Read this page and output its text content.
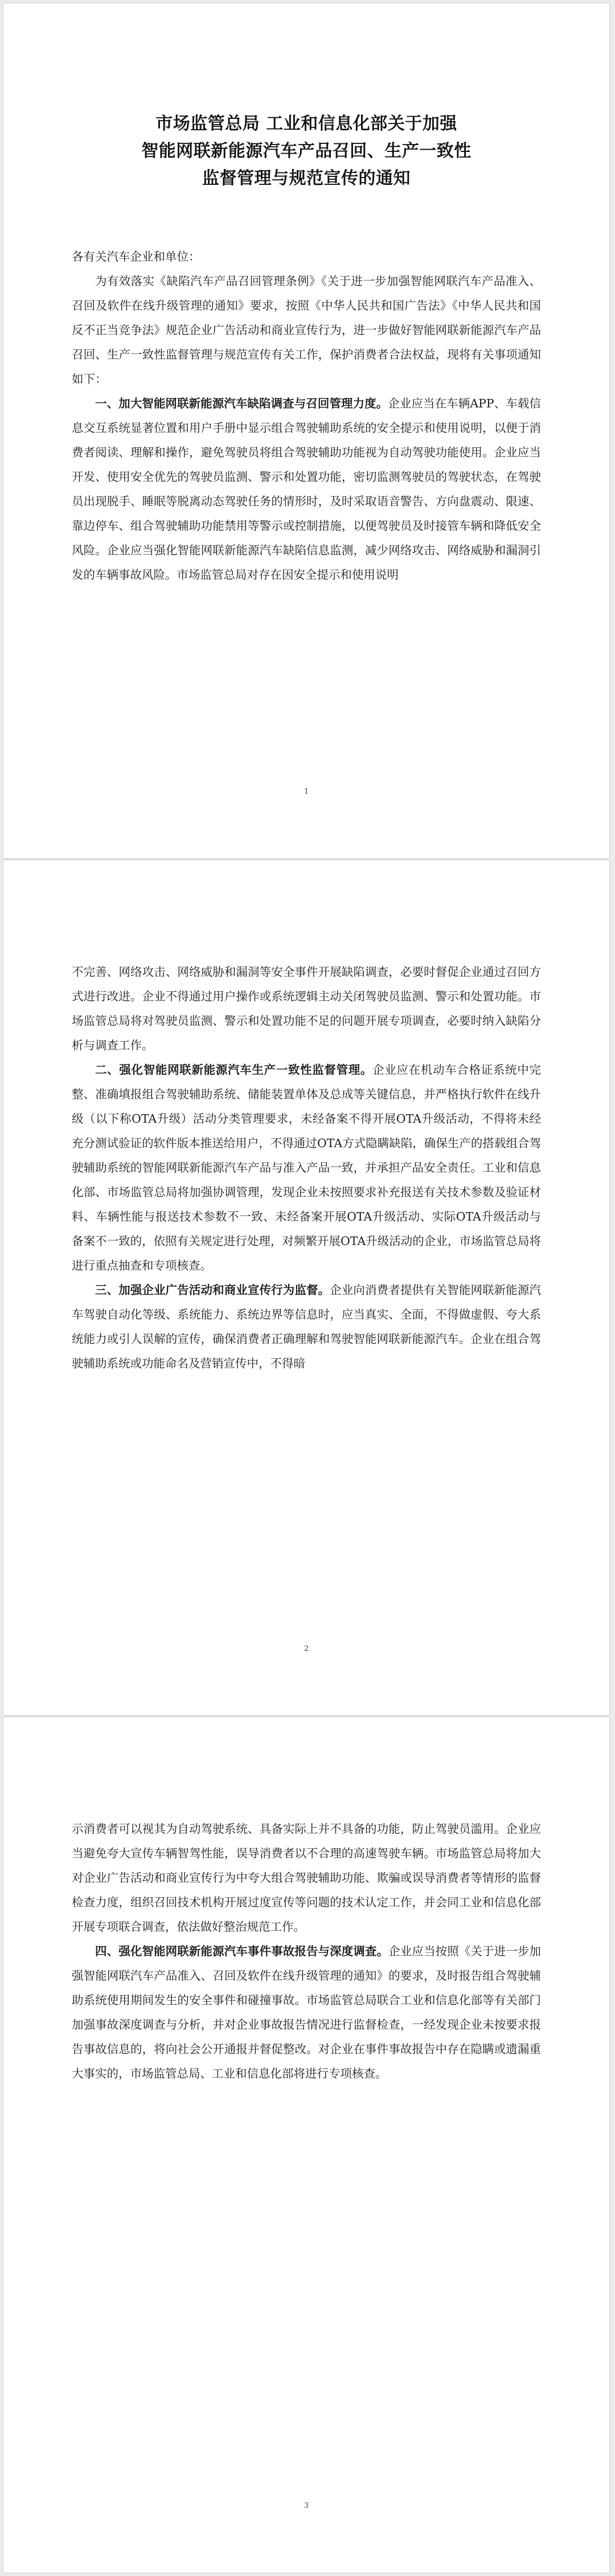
市场监管总局 工业和信息化部关于加强
智能网联新能源汽车产品召回、生产一致性
监督管理与规范宣传的通知
各有关汽车企业和单位：

为有效落实《缺陷汽车产品召回管理条例》《关于进一步加强智能网联汽车产品准入、召回及软件在线升级管理的通知》要求，按照《中华人民共和国广告法》《中华人民共和国反不正当竞争法》规范企业广告活动和商业宣传行为，进一步做好智能网联新能源汽车产品召回、生产一致性监督管理与规范宣传有关工作，保护消费者合法权益，现将有关事项通知如下：

一、加大智能网联新能源汽车缺陷调查与召回管理力度。企业应当在车辆APP、车载信息交互系统显著位置和用户手册中显示组合驾驶辅助系统的安全提示和使用说明，以便于消费者阅读、理解和操作，避免驾驶员将组合驾驶辅助功能视为自动驾驶功能使用。企业应当开发、使用安全优先的驾驶员监测、警示和处置功能，密切监测驾驶员的驾驶状态，在驾驶员出现脱手、睡眠等脱离动态驾驶任务的情形时，及时采取语音警告、方向盘震动、限速、靠边停车、组合驾驶辅助功能禁用等警示或控制措施，以便驾驶员及时接管车辆和降低安全风险。企业应当强化智能网联新能源汽车缺陷信息监测，减少网络攻击、网络威胁和漏洞引发的车辆事故风险。市场监管总局对存在因安全提示和使用说明

1

不完善、网络攻击、网络威胁和漏洞等安全事件开展缺陷调查，必要时督促企业通过召回方式进行改进。企业不得通过用户操作或系统逻辑主动关闭驾驶员监测、警示和处置功能。市场监管总局将对驾驶员监测、警示和处置功能不足的问题开展专项调查，必要时纳入缺陷分析与调查工作。

二、强化智能网联新能源汽车生产一致性监督管理。企业应在机动车合格证系统中完整、准确填报组合驾驶辅助系统、储能装置单体及总成等关键信息，并严格执行软件在线升级（以下称OTA升级）活动分类管理要求，未经备案不得开展OTA升级活动，不得将未经充分测试验证的软件版本推送给用户，不得通过OTA方式隐瞒缺陷，确保生产的搭载组合驾驶辅助系统的智能网联新能源汽车产品与准入产品一致，并承担产品安全责任。工业和信息化部、市场监管总局将加强协调管理，发现企业未按照要求补充报送有关技术参数及验证材料、车辆性能与报送技术参数不一致、未经备案开展OTA升级活动、实际OTA升级活动与备案不一致的，依照有关规定进行处理，对频繁开展OTA升级活动的企业，市场监管总局将进行重点抽查和专项核查。

三、加强企业广告活动和商业宣传行为监督。企业向消费者提供有关智能网联新能源汽车驾驶自动化等级、系统能力、系统边界等信息时，应当真实、全面，不得做虚假、夸大系统能力或引人误解的宣传，确保消费者正确理解和驾驶智能网联新能源汽车。企业在组合驾驶辅助系统或功能命名及营销宣传中，不得暗

2

示消费者可以视其为自动驾驶系统、具备实际上并不具备的功能，防止驾驶员滥用。企业应当避免夸大宣传车辆智驾性能，误导消费者以不合理的高速驾驶车辆。市场监管总局将加大对企业广告活动和商业宣传行为中夸大组合驾驶辅助功能、欺骗或误导消费者等情形的监督检查力度，组织召回技术机构开展过度宣传等问题的技术认定工作，并会同工业和信息化部开展专项联合调查，依法做好整治规范工作。

四、强化智能网联新能源汽车事件事故报告与深度调查。企业应当按照《关于进一步加强智能网联汽车产品准入、召回及软件在线升级管理的通知》的要求，及时报告组合驾驶辅助系统使用期间发生的安全事件和碰撞事故。市场监管总局联合工业和信息化部等有关部门加强事故深度调查与分析，并对企业事故报告情况进行监督检查，一经发现企业未按要求报告事故信息的，将向社会公开通报并督促整改。对企业在事件事故报告中存在隐瞒或遗漏重大事实的，市场监管总局、工业和信息化部将进行专项核查。

3
